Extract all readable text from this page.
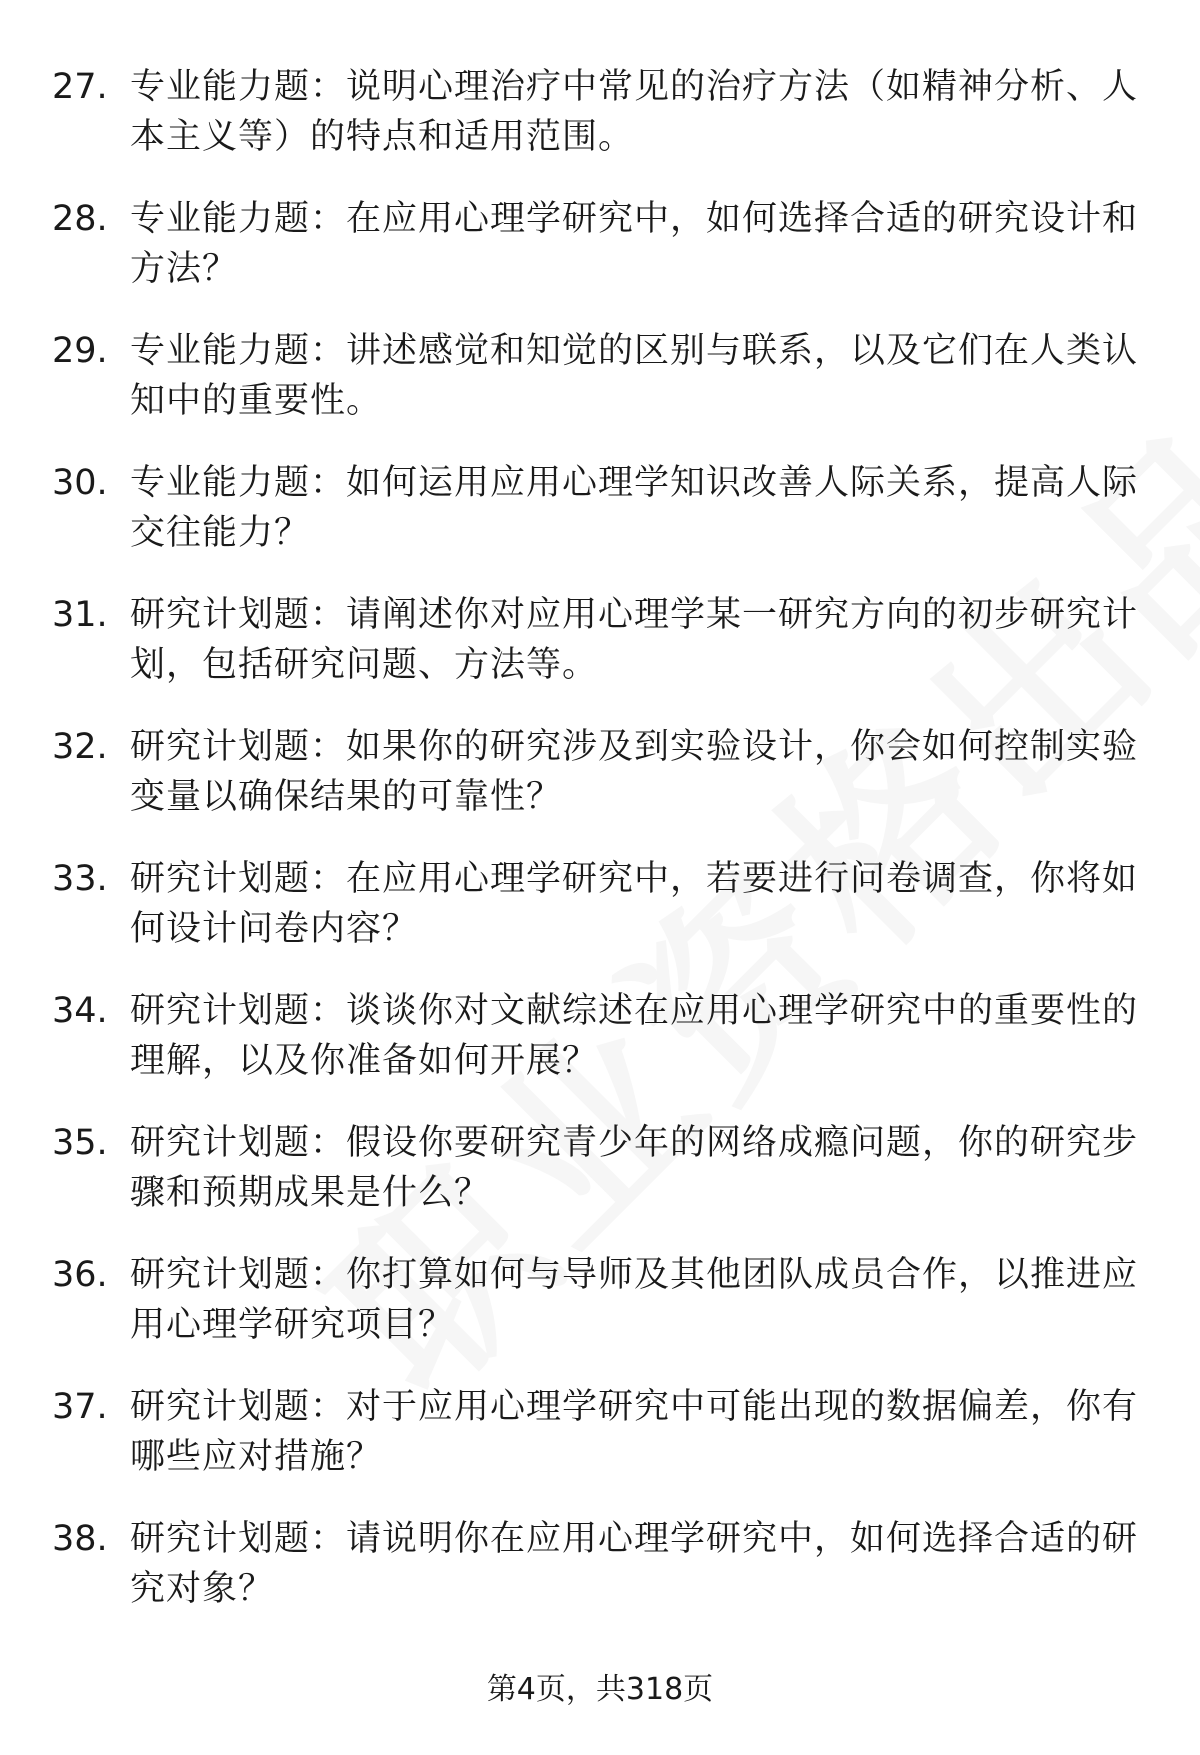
27. 专业能力题：说明心理治疗中常见的治疗方法（如精神分析、人本主义等）的特点和适用范围。
28. 专业能力题：在应用心理学研究中，如何选择合适的研究设计和方法？
29. 专业能力题：讲述感觉和知觉的区别与联系，以及它们在人类认知中的重要性。
30. 专业能力题：如何运用应用心理学知识改善人际关系，提高人际交往能力？
31. 研究计划题：请阐述你对应用心理学某一研究方向的初步研究计划，包括研究问题、方法等。
32. 研究计划题：如果你的研究涉及到实验设计，你会如何控制实验变量以确保结果的可靠性？
33. 研究计划题：在应用心理学研究中，若要进行问卷调查，你将如何设计问卷内容？
34. 研究计划题：谈谈你对文献综述在应用心理学研究中的重要性的理解，以及你准备如何开展？
35. 研究计划题：假设你要研究青少年的网络成瘾问题，你的研究步骤和预期成果是什么？
36. 研究计划题：你打算如何与导师及其他团队成员合作，以推进应用心理学研究项目？
37. 研究计划题：对于应用心理学研究中可能出现的数据偏差，你有哪些应对措施？
38. 研究计划题：请说明你在应用心理学研究中，如何选择合适的研究对象？
第4页，共318页
